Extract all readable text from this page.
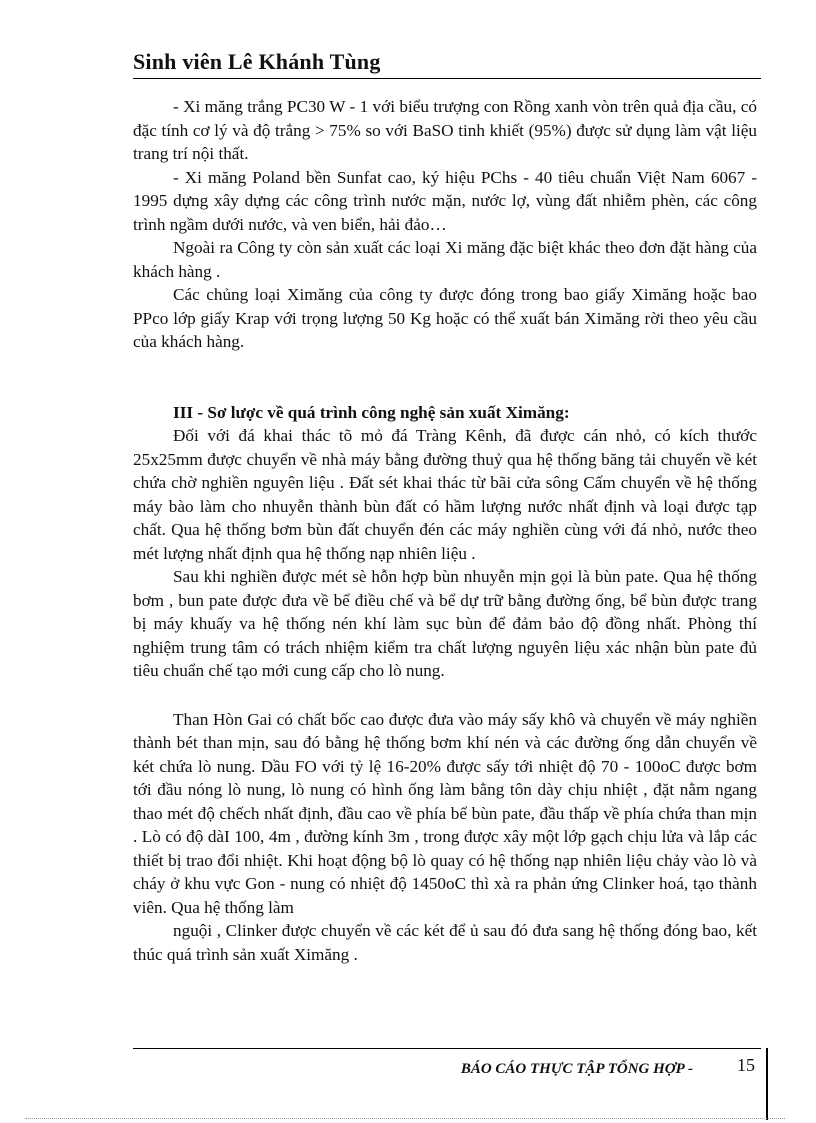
Sinh viên Lê Khánh Tùng

- Xi măng trắng PC30 W - 1 với biểu trượng con Rồng xanh vòn trên quả địa cầu, có đặc tính cơ lý và độ trắng > 75% so với BaSO tinh khiết (95%) được sử dụng làm vật liệu trang trí nội thất.

- Xi măng Poland bền Sunfat cao, ký hiệu PChs - 40 tiêu chuẩn Việt Nam 6067 - 1995 dựng xây dựng các công trình nước mặn, nước lợ, vùng đất nhiễm phèn, các công trình ngầm dưới nước, và ven biển, hải đảo…

Ngoài ra Công ty còn sản xuất các loại Xi măng đặc biệt khác theo đơn đặt hàng của khách hàng .

Các chủng loại Ximăng của công ty được đóng trong bao giấy Ximăng hoặc bao PPco lớp giấy Krap với trọng lượng 50 Kg hoặc có thể xuất bán Ximăng rời theo yêu cầu của khách hàng.

III - Sơ lược về quá trình công nghệ sản xuất Ximăng:

Đối với đá khai thác tõ mỏ đá Tràng Kênh, đã được cán nhỏ, có kích thước 25x25mm được chuyển về nhà máy bằng đường thuỷ qua hệ thống băng tải chuyển về két chứa chờ nghiền nguyên liệu . Đất sét khai thác từ bãi cửa sông Cấm chuyển về hệ thống máy bào làm cho nhuyễn thành bùn đất có hầm lượng nước nhất định và loại được tạp chất. Qua hệ thống bơm bùn đất chuyển đén các máy nghiền cùng với đá nhỏ, nước theo mét lượng nhất định qua hệ thống nạp nhiên liệu .

Sau khi nghiền được mét sè hỗn hợp bùn nhuyễn mịn gọi là bùn pate. Qua hệ thống bơm , bun pate được đưa về bể điều chế và bể dự trữ bằng đường ống, bể bùn được trang bị máy khuấy va hệ thống nén khí làm sục bùn để đảm bảo độ đồng nhất. Phòng thí nghiệm trung tâm có trách nhiệm kiểm tra chất lượng nguyên liệu xác nhận bùn pate đủ tiêu chuẩn chế tạo mới cung cấp cho lò nung.

Than Hòn Gai có chất bốc cao được đưa vào máy sấy khô và chuyển về máy nghiền thành bét than mịn, sau đó bằng hệ thống bơm khí nén và các đường ống dẫn chuyển về két chứa lò nung. Dầu FO với tỷ lệ 16-20% được sấy tới nhiệt độ 70 - 100oC được bơm tới đầu nóng lò nung, lò nung có hình ống làm bằng tôn dày chịu nhiệt , đặt nằm ngang thao mét độ chếch nhất định, đầu cao về phía bể bùn pate, đầu thấp về phía chứa than mịn . Lò có độ dàI 100, 4m , đường kính 3m , trong được xây một lớp gạch chịu lửa và lắp các thiết bị trao đổi nhiệt. Khi hoạt động bộ lò quay có hệ thống nạp nhiên liệu chảy vào lò và cháy ở khu vực Gon - nung có nhiệt độ 1450oC thì xà ra phản ứng Clinker hoá, tạo thành viên. Qua hệ thống làm

nguội , Clinker được chuyển về các két để ủ sau đó đưa sang hệ thống đóng bao, kết thúc quá trình sản xuất Ximăng .

BÁO CÁO THỰC TẬP TỔNG HỢP - 15
